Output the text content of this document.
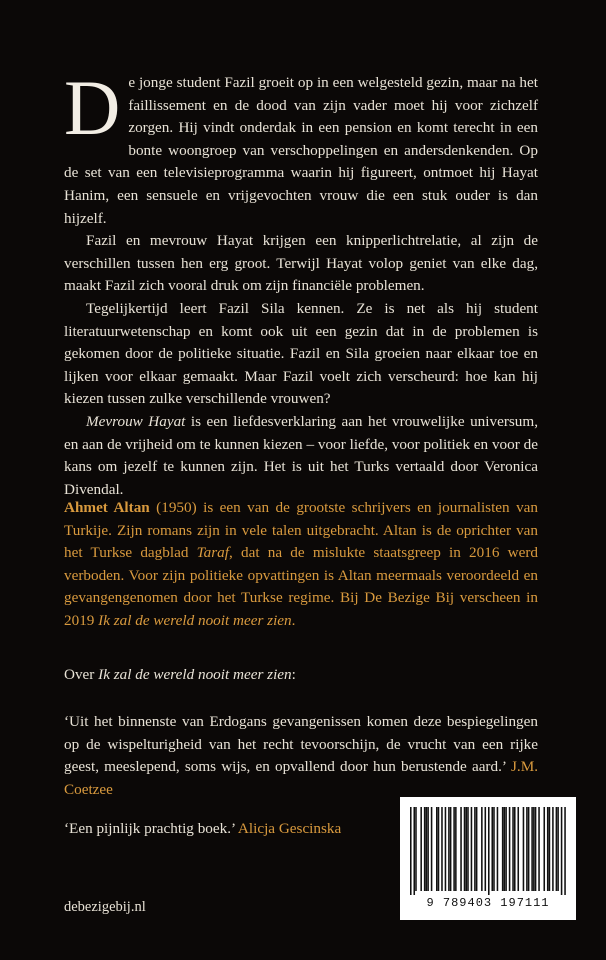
De jonge student Fazil groeit op in een welgesteld gezin, maar na het faillissement en de dood van zijn vader moet hij voor zichzelf zorgen. Hij vindt onderdak in een pension en komt terecht in een bonte woongroep van verschoppelingen en andersdenkenden. Op de set van een televisieprogramma waarin hij figureert, ontmoet hij Hayat Hanim, een sensuele en vrijgevochten vrouw die een stuk ouder is dan hijzelf.

Fazil en mevrouw Hayat krijgen een knipperlichtrelatie, al zijn de verschillen tussen hen erg groot. Terwijl Hayat volop geniet van elke dag, maakt Fazil zich vooral druk om zijn financiële problemen.

Tegelijkertijd leert Fazil Sila kennen. Ze is net als hij student literatuurwetenschap en komt ook uit een gezin dat in de problemen is gekomen door de politieke situatie. Fazil en Sila groeien naar elkaar toe en lijken voor elkaar gemaakt. Maar Fazil voelt zich verscheurd: hoe kan hij kiezen tussen zulke verschillende vrouwen?

Mevrouw Hayat is een liefdesverklaring aan het vrouwelijke universum, en aan de vrijheid om te kunnen kiezen – voor liefde, voor politiek en voor de kans om jezelf te kunnen zijn. Het is uit het Turks vertaald door Veronica Divendal.

Ahmet Altan (1950) is een van de grootste schrijvers en journalisten van Turkije. Zijn romans zijn in vele talen uitgebracht. Altan is de oprichter van het Turkse dagblad Taraf, dat na de mislukte staatsgreep in 2016 werd verboden. Voor zijn politieke opvattingen is Altan meermaals veroordeeld en gevangengenomen door het Turkse regime. Bij De Bezige Bij verscheen in 2019 Ik zal de wereld nooit meer zien.
Over Ik zal de wereld nooit meer zien:
‘Uit het binnenste van Erdogans gevangenissen komen deze bespiegelingen op de wispelturigheid van het recht tevoorschijn, de vrucht van een rijke geest, meeslepend, soms wijs, en opvallend door hun berustende aard.’ J.M. Coetzee
‘Een pijnlijk prachtig boek.’ Alicja Gescinska
debezigebij.nl	9 789403 197111
